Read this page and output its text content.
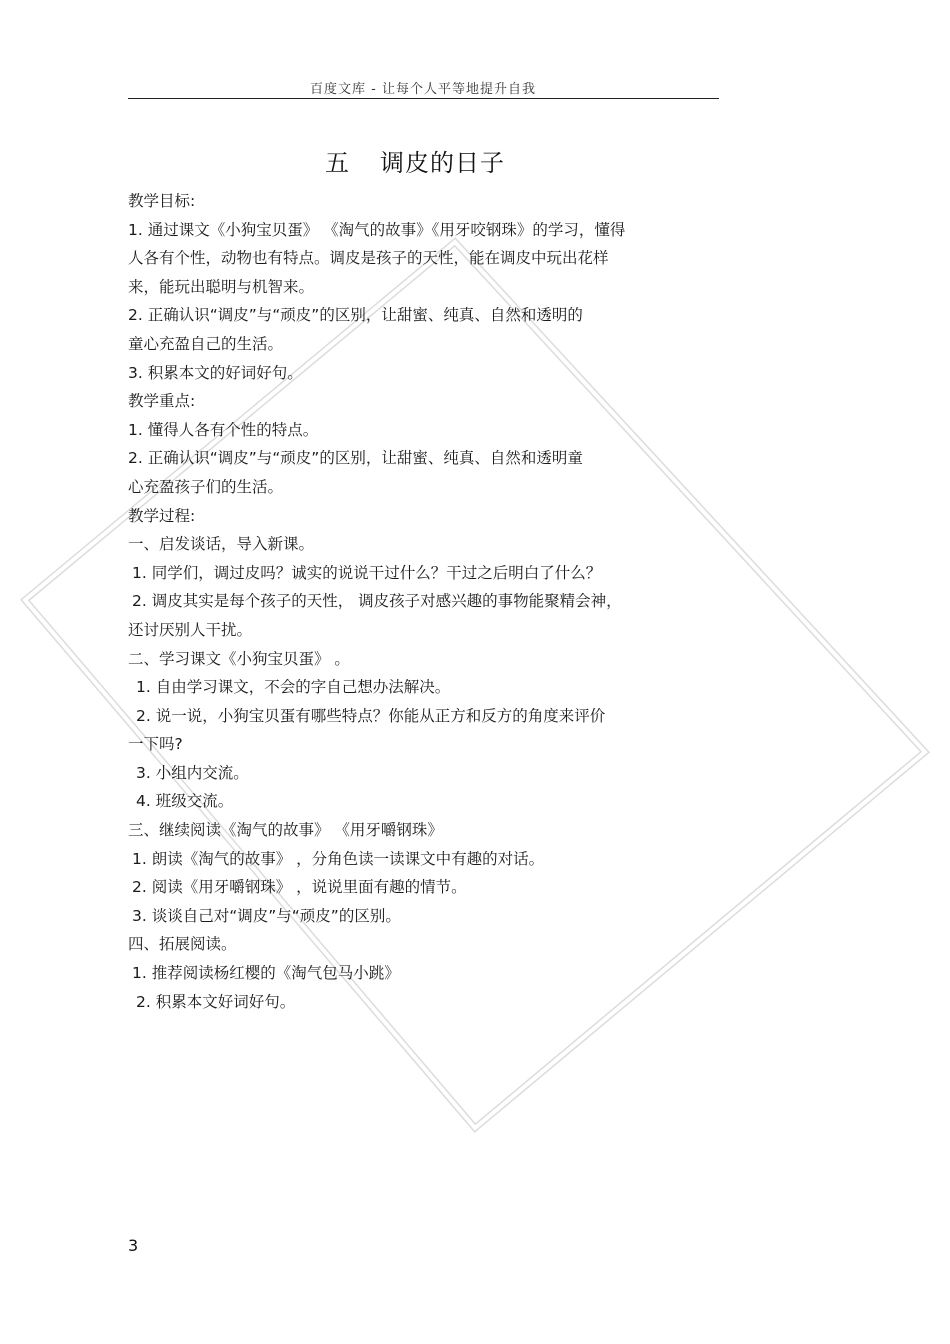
百度文库 - 让每个人平等地提升自我
五 调皮的日子
教学目标:
1. 通过课文《小狗宝贝蛋》 《淘气的故事》《用牙咬钢珠》的学习，懂得
人各有个性，动物也有特点。调皮是孩子的天性，能在调皮中玩出花样
来，能玩出聪明与机智来。
2. 正确认识“调皮”与“顽皮”的区别，让甜蜜、纯真、自然和透明的
童心充盈自己的生活。
3. 积累本文的好词好句。
教学重点:
1. 懂得人各有个性的特点。
2. 正确认识“调皮”与“顽皮”的区别，让甜蜜、纯真、自然和透明童
心充盈孩子们的生活。
教学过程:
一、启发谈话，导入新课。
1. 同学们，调过皮吗？诚实的说说干过什么？干过之后明白了什么？
2. 调皮其实是每个孩子的天性， 调皮孩子对感兴趣的事物能聚精会神，
还讨厌别人干扰。
二、学习课文《小狗宝贝蛋》 。
1. 自由学习课文，不会的字自己想办法解决。
2. 说一说，小狗宝贝蛋有哪些特点？你能从正方和反方的角度来评价
一下吗?
3. 小组内交流。
4. 班级交流。
三、继续阅读《淘气的故事》 《用牙嚼钢珠》
1. 朗读《淘气的故事》 ，分角色读一读课文中有趣的对话。
2. 阅读《用牙嚼钢珠》 ，说说里面有趣的情节。
3. 谈谈自己对“调皮”与“顽皮”的区别。
四、拓展阅读。
1. 推荐阅读杨红樱的《淘气包马小跳》
2. 积累本文好词好句。
3
